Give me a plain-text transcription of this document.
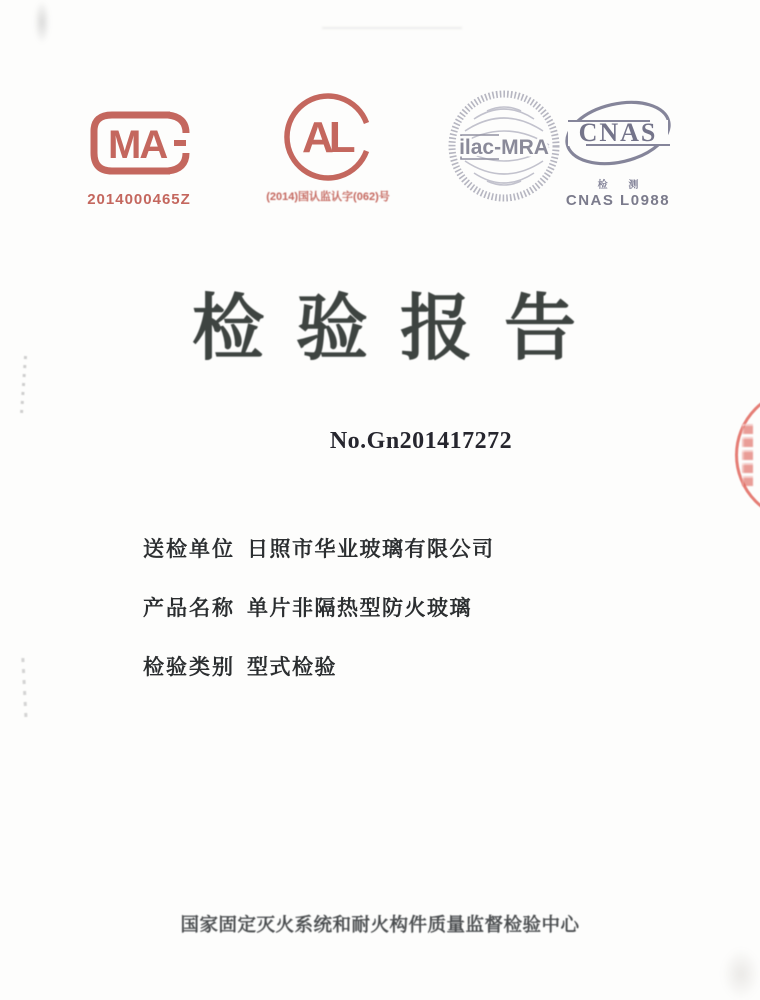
MA
2014000465Z
AL
(2014)国认监认字(062)号
ilac-MRA
CNAS
检 测
CNAS L0988
检 验 报 告
No.Gn201417272
送检单位 日照市华业玻璃有限公司
产品名称 单片非隔热型防火玻璃
检验类别 型式检验
国家固定灭火系统和耐火构件质量监督检验中心
